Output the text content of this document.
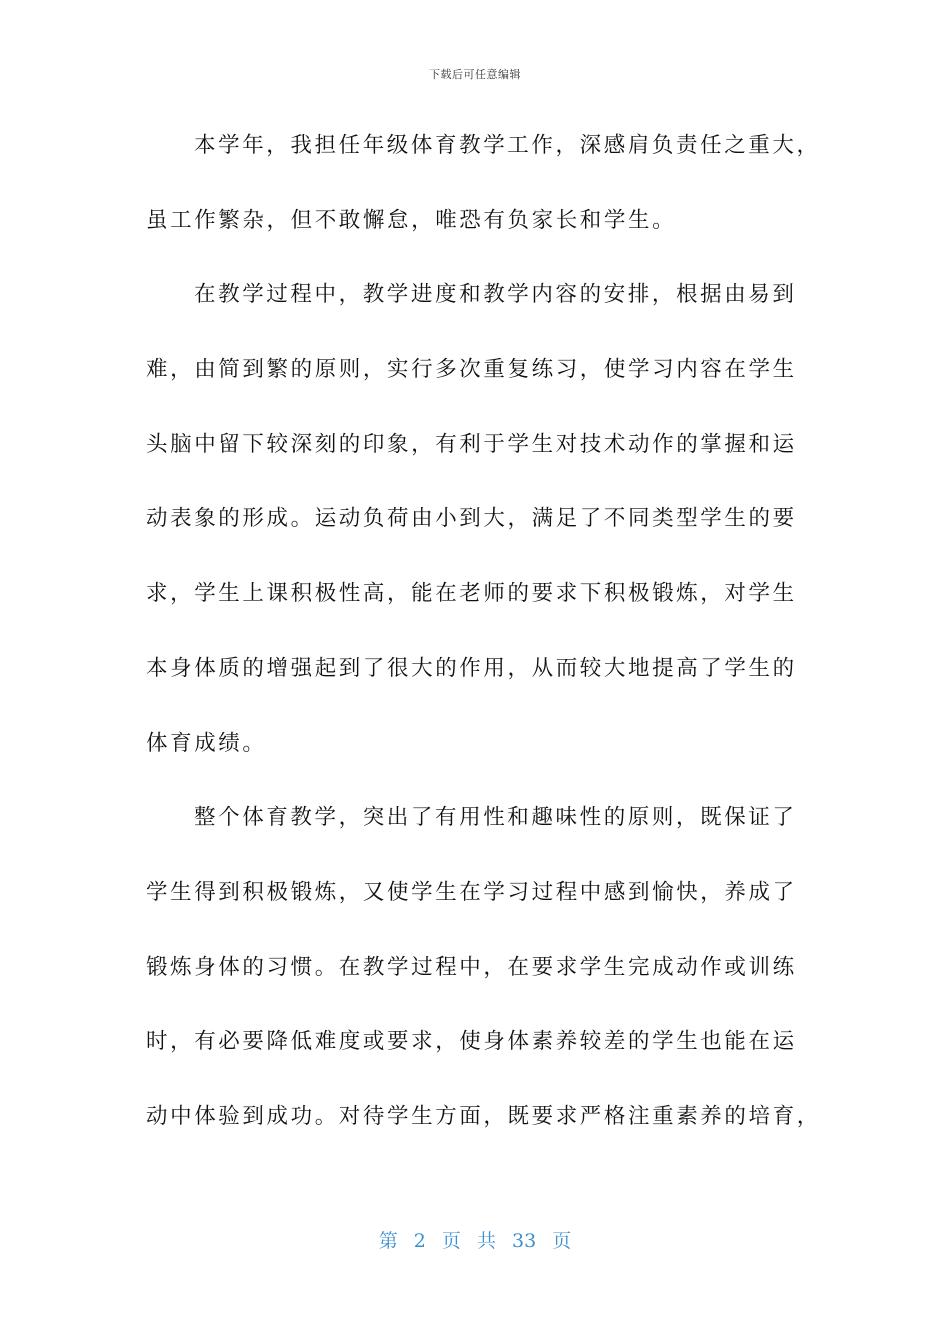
下载后可任意编辑
本学年，我担任年级体育教学工作，深感肩负责任之重大，
虽工作繁杂，但不敢懈怠，唯恐有负家长和学生。
在教学过程中，教学进度和教学内容的安排，根据由易到
难，由简到繁的原则，实行多次重复练习，使学习内容在学生
头脑中留下较深刻的印象，有利于学生对技术动作的掌握和运
动表象的形成。运动负荷由小到大，满足了不同类型学生的要
求，学生上课积极性高，能在老师的要求下积极锻炼，对学生
本身体质的增强起到了很大的作用，从而较大地提高了学生的
体育成绩。
整个体育教学，突出了有用性和趣味性的原则，既保证了
学生得到积极锻炼，又使学生在学习过程中感到愉快，养成了
锻炼身体的习惯。在教学过程中，在要求学生完成动作或训练
时，有必要降低难度或要求，使身体素养较差的学生也能在运
动中体验到成功。对待学生方面，既要求严格注重素养的培育，
第 2 页 共 33 页
